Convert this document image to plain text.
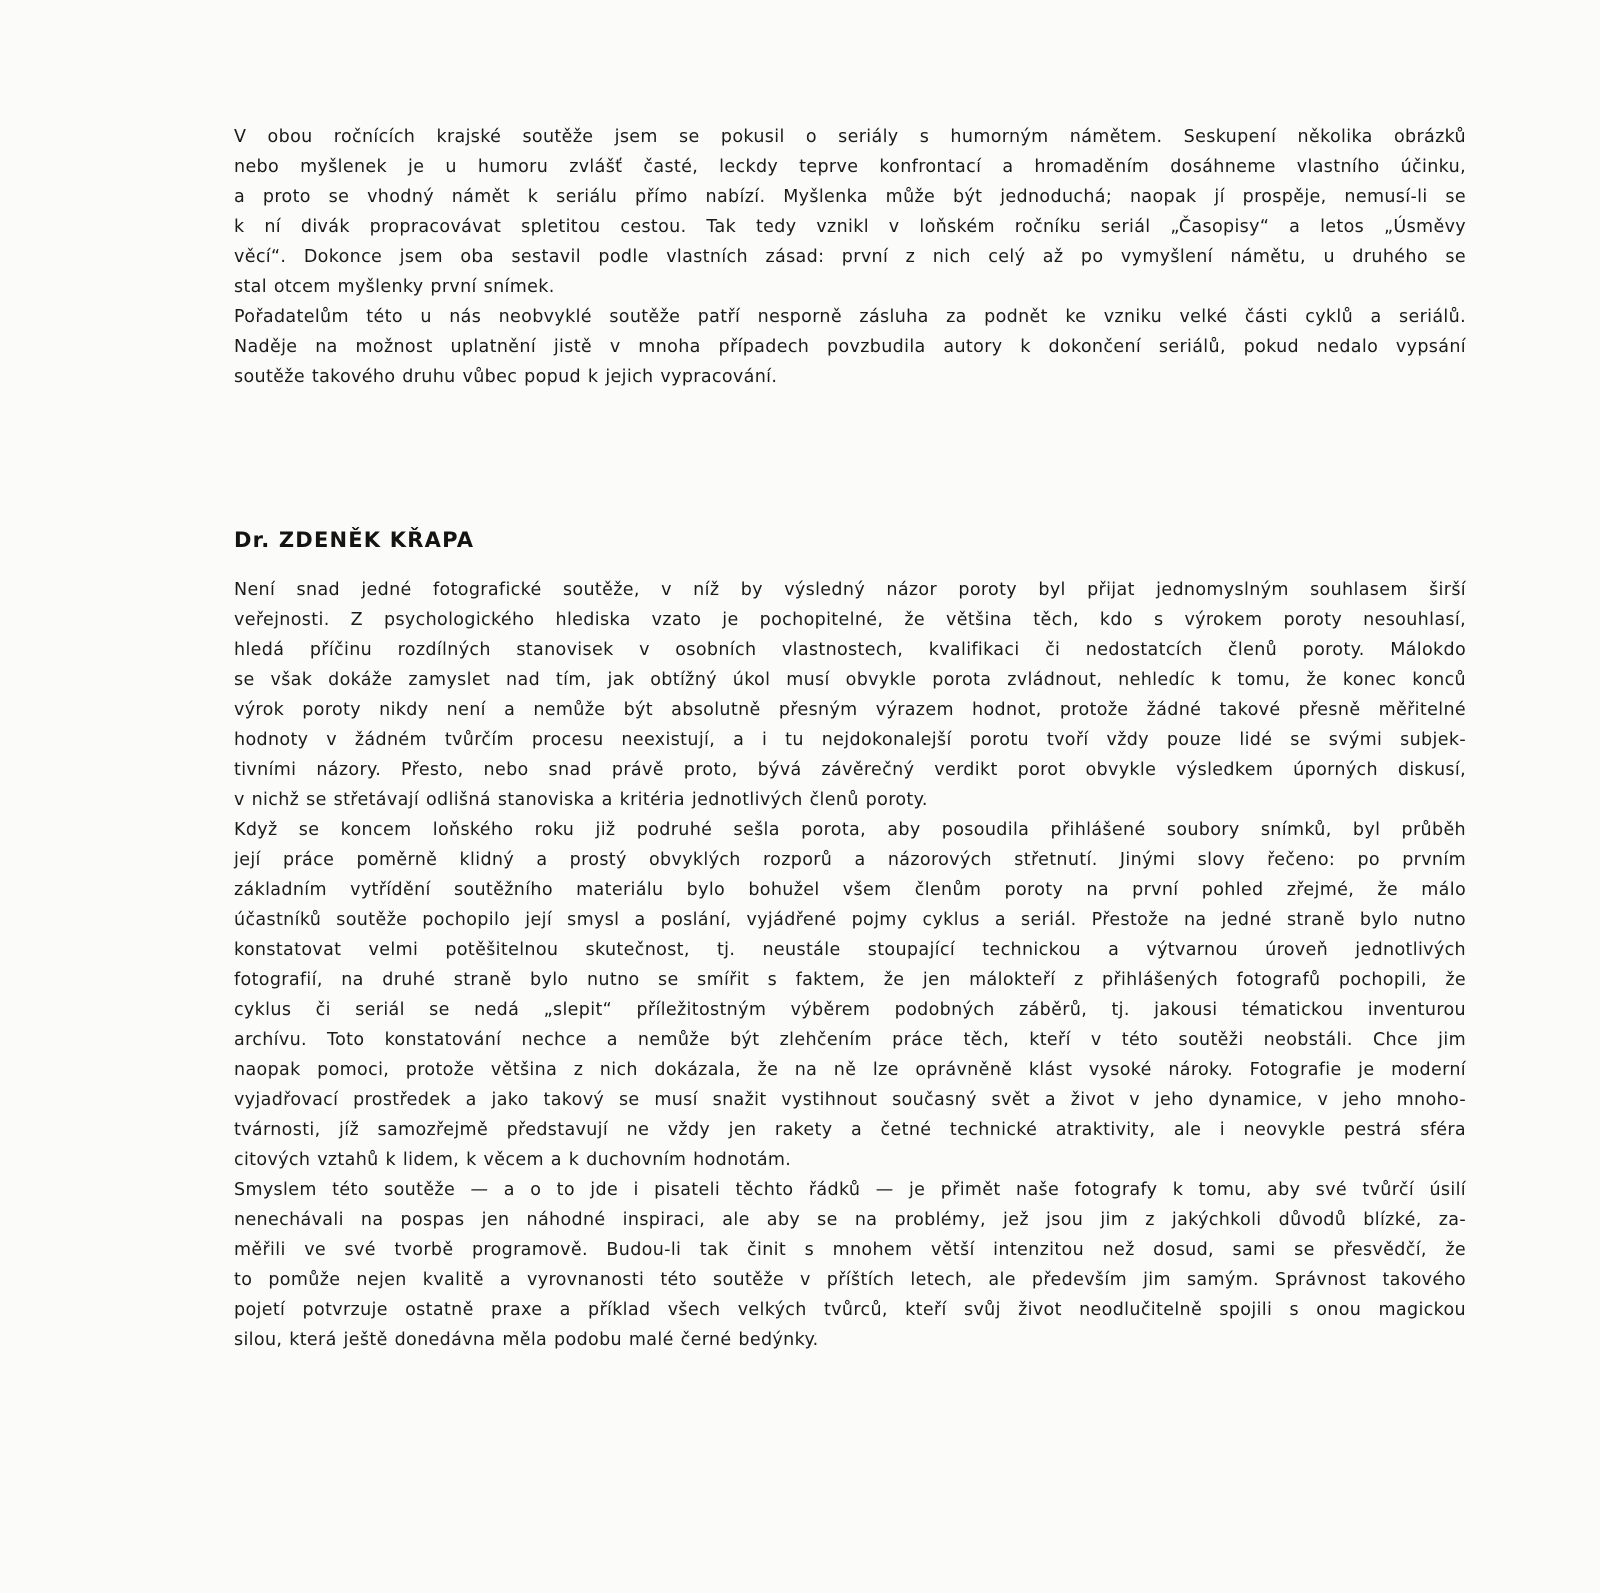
V obou ročnících krajské soutěže jsem se pokusil o seriály s humorným námětem. Seskupení několika obrázků
nebo myšlenek je u humoru zvlášť časté, leckdy teprve konfrontací a hromaděním dosáhneme vlastního účinku,
a proto se vhodný námět k seriálu přímo nabízí. Myšlenka může být jednoduchá; naopak jí prospěje, nemusí-li se
k ní divák propracovávat spletitou cestou. Tak tedy vznikl v loňském ročníku seriál „Časopisy“ a letos „Úsměvy
věcí“. Dokonce jsem oba sestavil podle vlastních zásad: první z nich celý až po vymyšlení námětu, u druhého se
stal otcem myšlenky první snímek.
Pořadatelům této u nás neobvyklé soutěže patří nesporně zásluha za podnět ke vzniku velké části cyklů a seriálů.
Naděje na možnost uplatnění jistě v mnoha případech povzbudila autory k dokončení seriálů, pokud nedalo vypsání
soutěže takového druhu vůbec popud k jejich vypracování.
Dr. ZDENĚK KŘAPA
Není snad jedné fotografické soutěže, v níž by výsledný názor poroty byl přijat jednomyslným souhlasem širší
veřejnosti. Z psychologického hlediska vzato je pochopitelné, že většina těch, kdo s výrokem poroty nesouhlasí,
hledá příčinu rozdílných stanovisek v osobních vlastnostech, kvalifikaci či nedostatcích členů poroty. Málokdo
se však dokáže zamyslet nad tím, jak obtížný úkol musí obvykle porota zvládnout, nehledíc k tomu, že konec konců
výrok poroty nikdy není a nemůže být absolutně přesným výrazem hodnot, protože žádné takové přesně měřitelné
hodnoty v žádném tvůrčím procesu neexistují, a i tu nejdokonalejší porotu tvoří vždy pouze lidé se svými subjek-
tivními názory. Přesto, nebo snad právě proto, bývá závěrečný verdikt porot obvykle výsledkem úporných diskusí,
v nichž se střetávají odlišná stanoviska a kritéria jednotlivých členů poroty.
Když se koncem loňského roku již podruhé sešla porota, aby posoudila přihlášené soubory snímků, byl průběh
její práce poměrně klidný a prostý obvyklých rozporů a názorových střetnutí. Jinými slovy řečeno: po prvním
základním vytřídění soutěžního materiálu bylo bohužel všem členům poroty na první pohled zřejmé, že málo
účastníků soutěže pochopilo její smysl a poslání, vyjádřené pojmy cyklus a seriál. Přestože na jedné straně bylo nutno
konstatovat velmi potěšitelnou skutečnost, tj. neustále stoupající technickou a výtvarnou úroveň jednotlivých
fotografií, na druhé straně bylo nutno se smířit s faktem, že jen málokteří z přihlášených fotografů pochopili, že
cyklus či seriál se nedá „slepit“ příležitostným výběrem podobných záběrů, tj. jakousi tématickou inventurou
archívu. Toto konstatování nechce a nemůže být zlehčením práce těch, kteří v této soutěži neobstáli. Chce jim
naopak pomoci, protože většina z nich dokázala, že na ně lze oprávněně klást vysoké nároky. Fotografie je moderní
vyjadřovací prostředek a jako takový se musí snažit vystihnout současný svět a život v jeho dynamice, v jeho mnoho-
tvárnosti, jíž samozřejmě představují ne vždy jen rakety a četné technické atraktivity, ale i neovykle pestrá sféra
citových vztahů k lidem, k věcem a k duchovním hodnotám.
Smyslem této soutěže — a o to jde i pisateli těchto řádků — je přimět naše fotografy k tomu, aby své tvůrčí úsilí
nenechávali na pospas jen náhodné inspiraci, ale aby se na problémy, jež jsou jim z jakýchkoli důvodů blízké, za-
měřili ve své tvorbě programově. Budou-li tak činit s mnohem větší intenzitou než dosud, sami se přesvědčí, že
to pomůže nejen kvalitě a vyrovnanosti této soutěže v příštích letech, ale především jim samým. Správnost takového
pojetí potvrzuje ostatně praxe a příklad všech velkých tvůrců, kteří svůj život neodlučitelně spojili s onou magickou
silou, která ještě donedávna měla podobu malé černé bedýnky.
